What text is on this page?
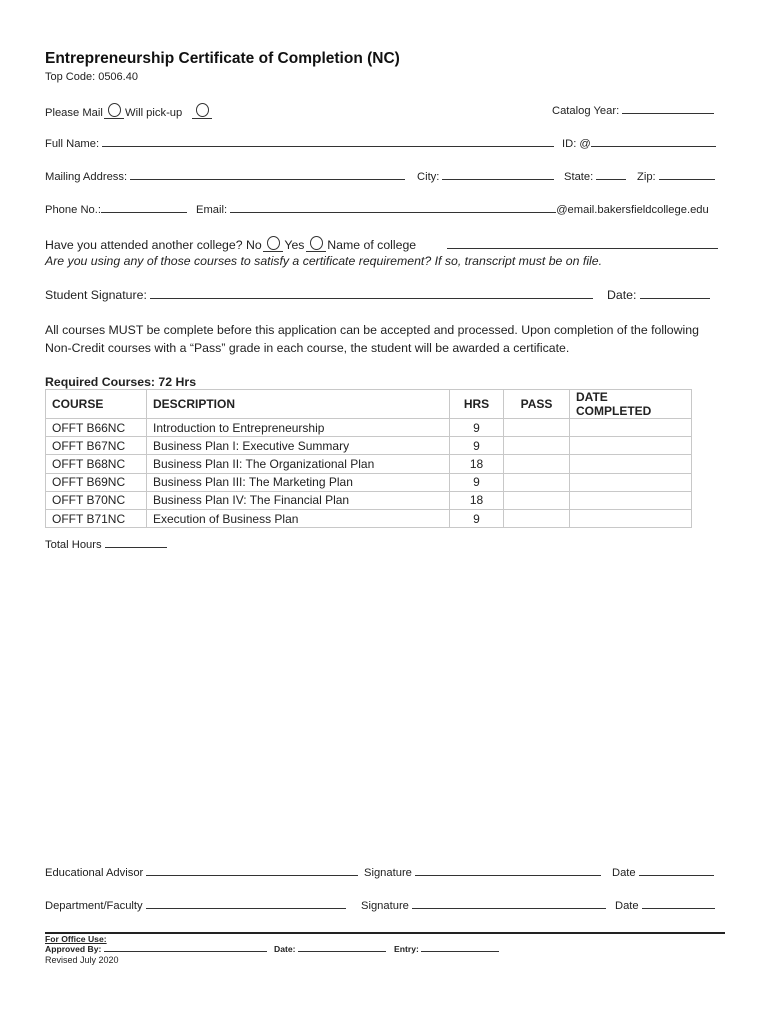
Entrepreneurship Certificate of Completion (NC)
Top Code: 0506.40
Please Mail Will pick-up	Catalog Year:
Full Name:	ID: @
Mailing Address:	City:	State:	Zip:
Phone No.:	Email:	@email.bakersfieldcollege.edu
Have you attended another college? No Yes Name of college
Are you using any of those courses to satisfy a certificate requirement? If so, transcript must be on file.
Student Signature:	Date:
All courses MUST be complete before this application can be accepted and processed. Upon completion of the following
Non-Credit courses with a “Pass” grade in each course, the student will be awarded a certificate.
Required Courses: 72 Hrs
COURSE	DESCRIPTION	HRS	PASS	DATE COMPLETED
OFFT B66NC	Introduction to Entrepreneurship	9		
OFFT B67NC	Business Plan I: Executive Summary	9		
OFFT B68NC	Business Plan II: The Organizational Plan	18		
OFFT B69NC	Business Plan III: The Marketing Plan	9		
OFFT B70NC	Business Plan IV: The Financial Plan	18		
OFFT B71NC	Execution of Business Plan	9		
Total Hours
Educational Advisor	Signature	Date
Department/Faculty	Signature	Date
For Office Use:
Approved By:	Date:	Entry:
Revised July 2020
